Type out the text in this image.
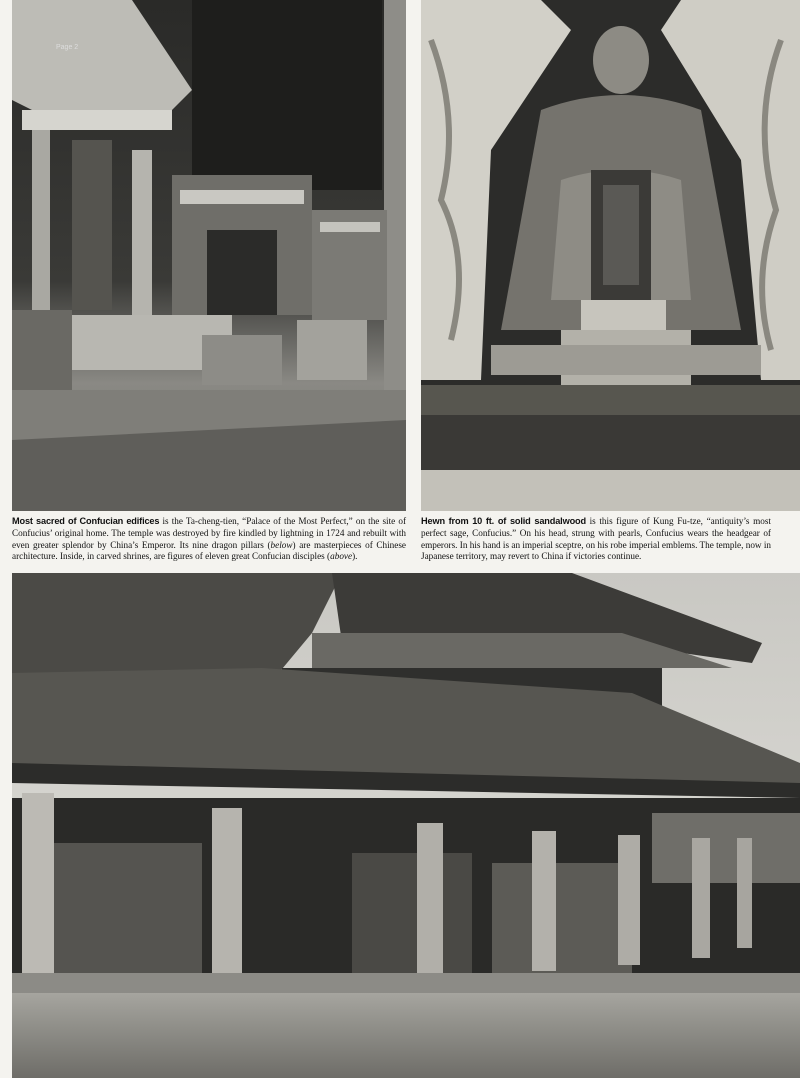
Page 2
Most sacred of Confucian edifices is the Ta-cheng-tien, “Palace of the Most Perfect,” on the site of Confucius’ original home. The temple was destroyed by fire kindled by lightning in 1724 and rebuilt with even greater splendor by China’s Emperor. Its nine dragon pillars (below) are masterpieces of Chinese architecture. Inside, in carved shrines, are figures of eleven great Confucian disciples (above).
Hewn from 10 ft. of solid sandalwood is this figure of Kung Fu-tze, “antiquity’s most perfect sage, Confucius.” On his head, strung with pearls, Confucius wears the headgear of emperors. In his hand is an imperial sceptre, on his robe imperial emblems. The temple, now in Japanese territory, may revert to China if victories continue.
